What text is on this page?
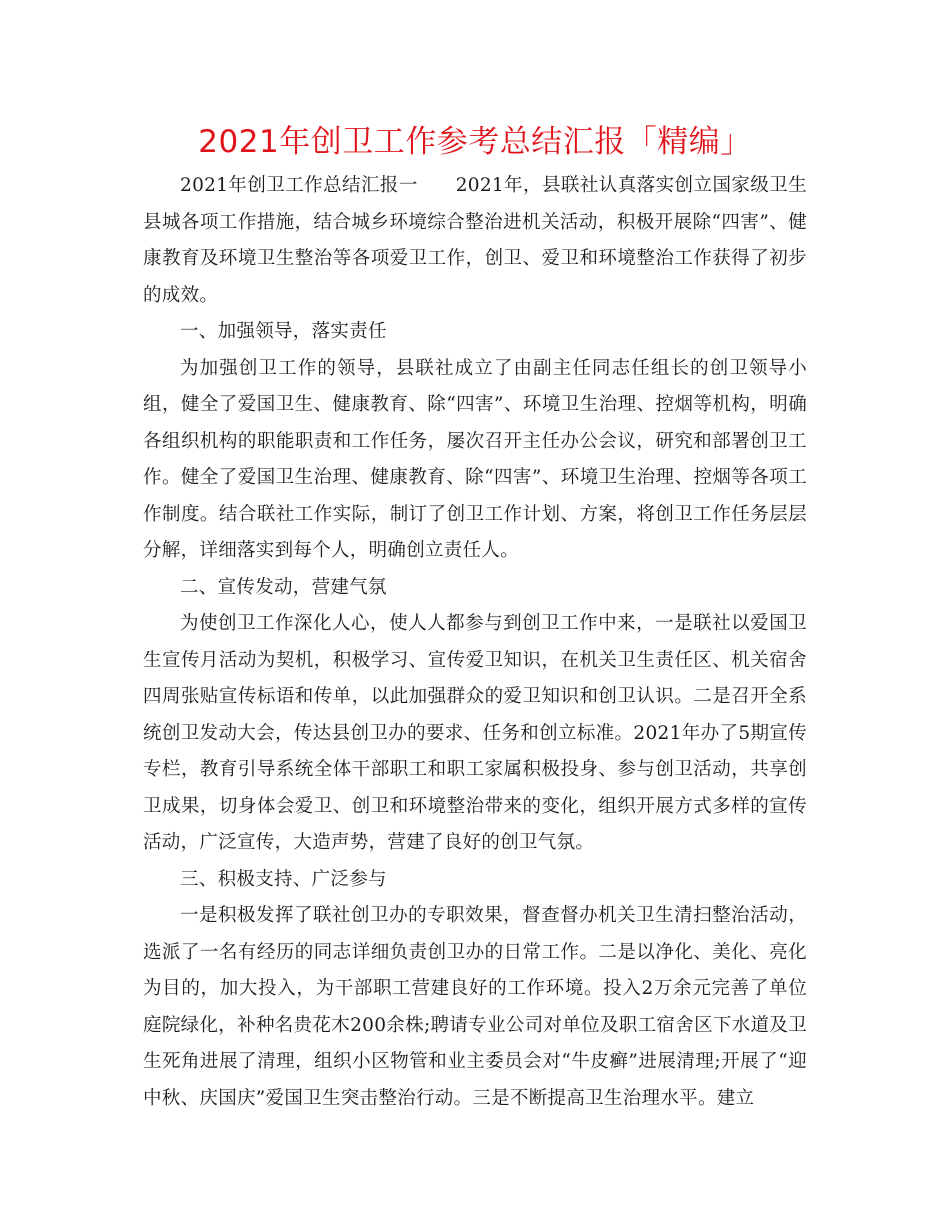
2021年创卫工作参考总结汇报「精编」

2021年创卫工作总结汇报一　　2021年，县联社认真落实创立国家级卫生县城各项工作措施，结合城乡环境综合整治进机关活动，积极开展除“四害”、健康教育及环境卫生整治等各项爱卫工作，创卫、爱卫和环境整治工作获得了初步的成效。

一、加强领导，落实责任

为加强创卫工作的领导，县联社成立了由副主任同志任组长的创卫领导小组，健全了爱国卫生、健康教育、除“四害”、环境卫生治理、控烟等机构，明确各组织机构的职能职责和工作任务，屡次召开主任办公会议，研究和部署创卫工作。健全了爱国卫生治理、健康教育、除“四害”、环境卫生治理、控烟等各项工作制度。结合联社工作实际，制订了创卫工作计划、方案，将创卫工作任务层层分解，详细落实到每个人，明确创立责任人。

二、宣传发动，营建气氛

为使创卫工作深化人心，使人人都参与到创卫工作中来，一是联社以爱国卫生宣传月活动为契机，积极学习、宣传爱卫知识，在机关卫生责任区、机关宿舍四周张贴宣传标语和传单，以此加强群众的爱卫知识和创卫认识。二是召开全系统创卫发动大会，传达县创卫办的要求、任务和创立标准。2021年办了5期宣传专栏，教育引导系统全体干部职工和职工家属积极投身、参与创卫活动，共享创卫成果，切身体会爱卫、创卫和环境整治带来的变化，组织开展方式多样的宣传活动，广泛宣传，大造声势，营建了良好的创卫气氛。

三、积极支持、广泛参与

一是积极发挥了联社创卫办的专职效果，督查督办机关卫生清扫整治活动，选派了一名有经历的同志详细负责创卫办的日常工作。二是以净化、美化、亮化为目的，加大投入，为干部职工营建良好的工作环境。投入2万余元完善了单位庭院绿化，补种名贵花木200余株;聘请专业公司对单位及职工宿舍区下水道及卫生死角进展了清理，组织小区物管和业主委员会对“牛皮癣”进展清理;开展了“迎中秋、庆国庆”爱国卫生突击整治行动。三是不断提高卫生治理水平。建立
